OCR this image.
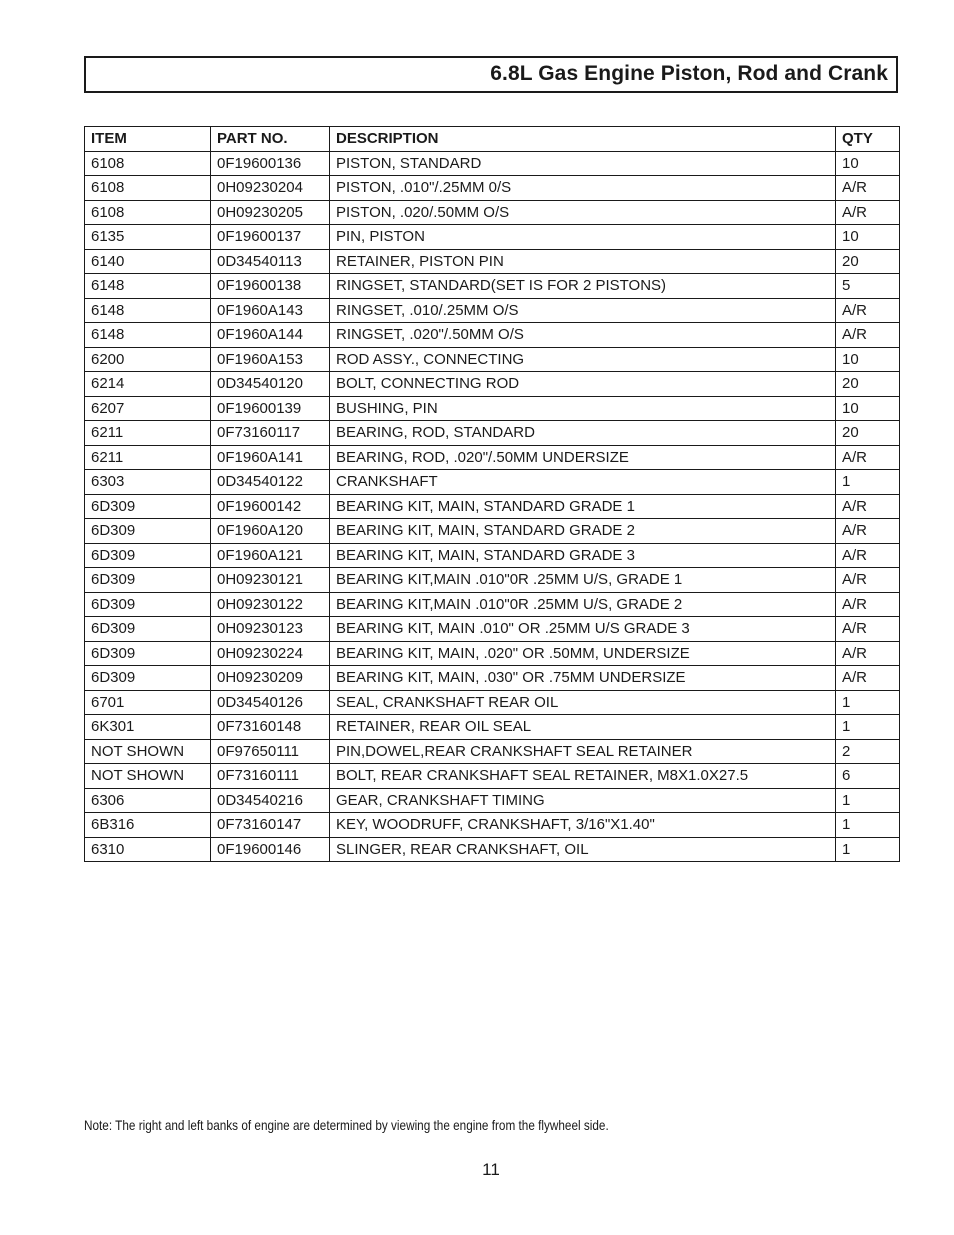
6.8L Gas Engine Piston, Rod and Crank
ITEM	PART NO.	DESCRIPTION	QTY
6108	0F19600136	PISTON, STANDARD	10
6108	0H09230204	PISTON, .010"/.25MM 0/S	A/R
6108	0H09230205	PISTON, .020/.50MM O/S	A/R
6135	0F19600137	PIN, PISTON	10
6140	0D34540113	RETAINER, PISTON PIN	20
6148	0F19600138	RINGSET, STANDARD(SET IS FOR 2 PISTONS)	5
6148	0F1960A143	RINGSET, .010/.25MM O/S	A/R
6148	0F1960A144	RINGSET, .020"/.50MM O/S	A/R
6200	0F1960A153	ROD ASSY., CONNECTING	10
6214	0D34540120	BOLT, CONNECTING ROD	20
6207	0F19600139	BUSHING, PIN	10
6211	0F73160117	BEARING, ROD, STANDARD	20
6211	0F1960A141	BEARING, ROD, .020"/.50MM UNDERSIZE	A/R
6303	0D34540122	CRANKSHAFT	1
6D309	0F19600142	BEARING KIT, MAIN, STANDARD GRADE 1	A/R
6D309	0F1960A120	BEARING KIT, MAIN, STANDARD GRADE 2	A/R
6D309	0F1960A121	BEARING KIT, MAIN, STANDARD GRADE 3	A/R
6D309	0H09230121	BEARING KIT,MAIN .010"0R .25MM U/S, GRADE 1	A/R
6D309	0H09230122	BEARING KIT,MAIN .010"0R .25MM U/S, GRADE 2	A/R
6D309	0H09230123	BEARING KIT, MAIN .010" OR .25MM U/S GRADE 3	A/R
6D309	0H09230224	BEARING KIT, MAIN, .020" OR .50MM, UNDERSIZE	A/R
6D309	0H09230209	BEARING KIT, MAIN, .030" OR .75MM UNDERSIZE	A/R
6701	0D34540126	SEAL, CRANKSHAFT REAR OIL	1
6K301	0F73160148	RETAINER, REAR OIL SEAL	1
NOT SHOWN	0F97650111	PIN,DOWEL,REAR CRANKSHAFT SEAL RETAINER	2
NOT SHOWN	0F73160111	BOLT, REAR CRANKSHAFT SEAL RETAINER, M8X1.0X27.5	6
6306	0D34540216	GEAR, CRANKSHAFT TIMING	1
6B316	0F73160147	KEY, WOODRUFF, CRANKSHAFT, 3/16"X1.40"	1
6310	0F19600146	SLINGER, REAR CRANKSHAFT, OIL	1
Note: The right and left banks of engine are determined by viewing the engine from the flywheel side.
11
